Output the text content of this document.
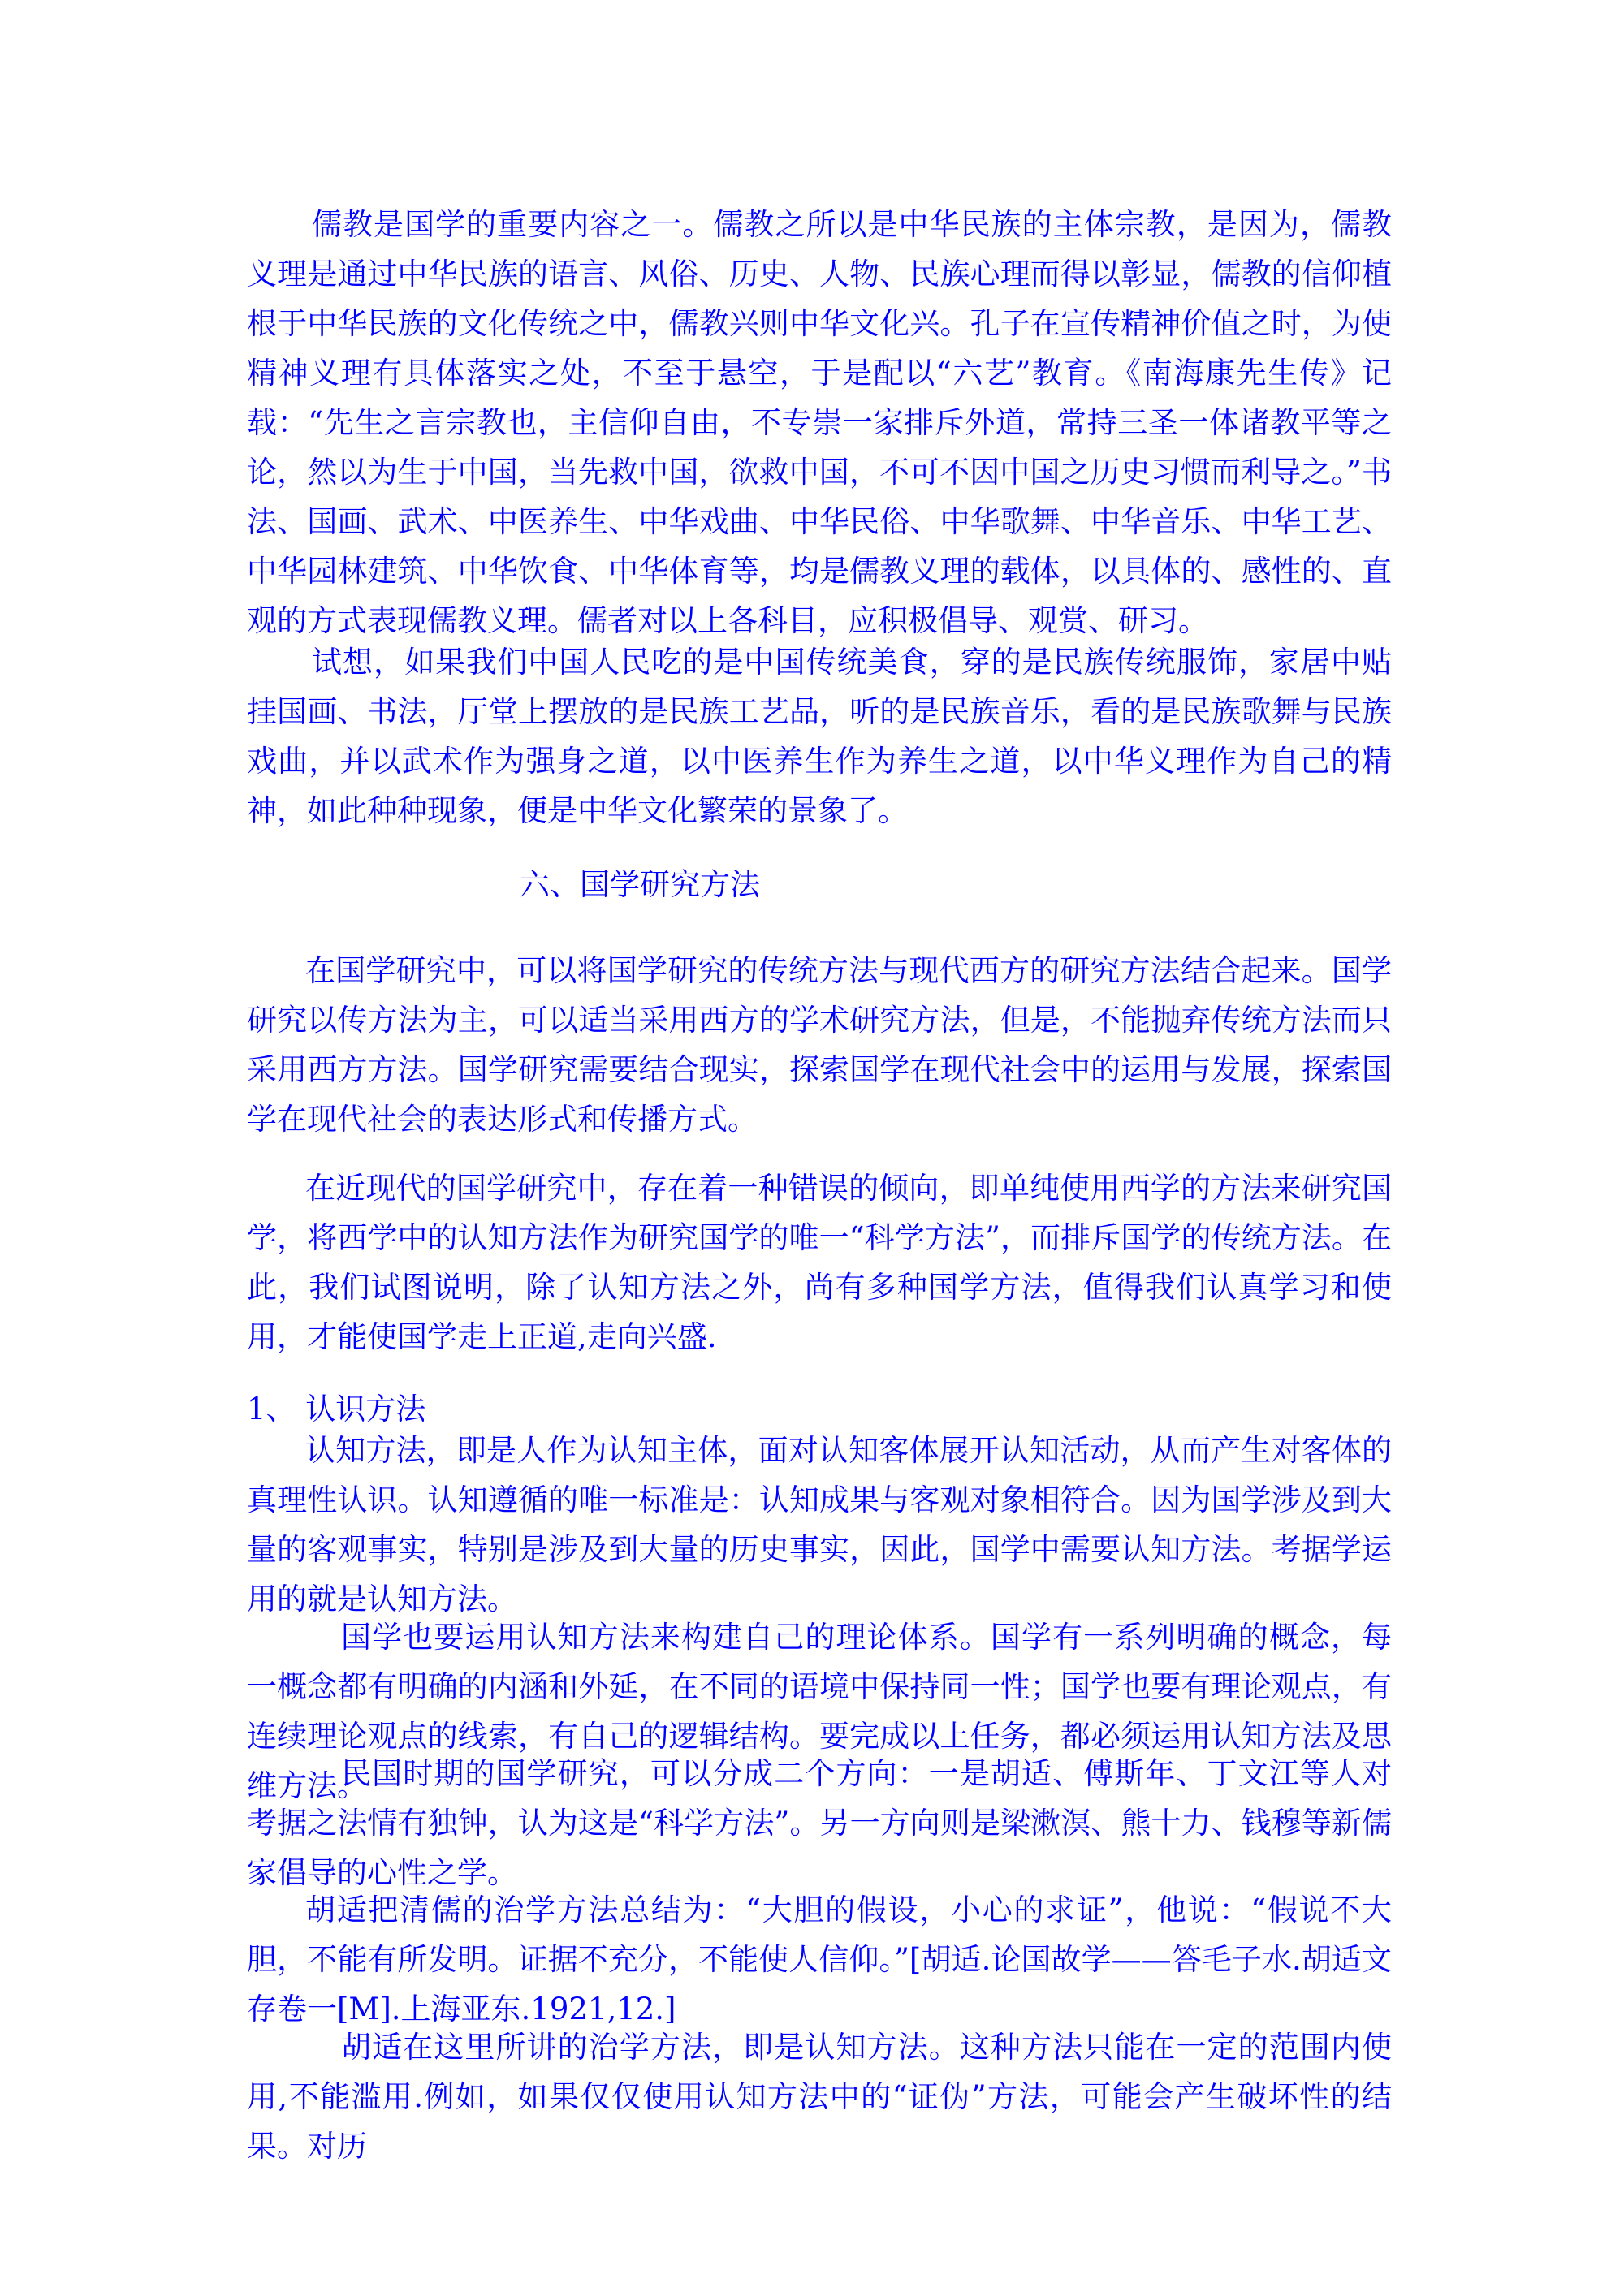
儒教是国学的重要内容之一。儒教之所以是中华民族的主体宗教，是因为，儒教义理是通过中华民族的语言、风俗、历史、人物、民族心理而得以彰显，儒教的信仰植根于中华民族的文化传统之中，儒教兴则中华文化兴。孔子在宣传精神价值之时，为使精神义理有具体落实之处，不至于悬空，于是配以“六艺”教育。《南海康先生传》记载：“先生之言宗教也，主信仰自由，不专崇一家排斥外道，常持三圣一体诸教平等之论，然以为生于中国，当先救中国，欲救中国，不可不因中国之历史习惯而利导之。”书法、国画、武术、中医养生、中华戏曲、中华民俗、中华歌舞、中华音乐、中华工艺、中华园林建筑、中华饮食、中华体育等，均是儒教义理的载体，以具体的、感性的、直观的方式表现儒教义理。儒者对以上各科目，应积极倡导、观赏、研习。

试想，如果我们中国人民吃的是中国传统美食，穿的是民族传统服饰，家居中贴挂国画、书法，厅堂上摆放的是民族工艺品，听的是民族音乐，看的是民族歌舞与民族戏曲，并以武术作为强身之道，以中医养生作为养生之道，以中华义理作为自己的精神，如此种种现象，便是中华文化繁荣的景象了。

六、国学研究方法

在国学研究中，可以将国学研究的传统方法与现代西方的研究方法结合起来。国学研究以传方法为主，可以适当采用西方的学术研究方法，但是，不能抛弃传统方法而只采用西方方法。国学研究需要结合现实，探索国学在现代社会中的运用与发展，探索国学在现代社会的表达形式和传播方式。

在近现代的国学研究中，存在着一种错误的倾向，即单纯使用西学的方法来研究国学，将西学中的认知方法作为研究国学的唯一“科学方法”，而排斥国学的传统方法。在此，我们试图说明，除了认知方法之外，尚有多种国学方法，值得我们认真学习和使用，才能使国学走上正道,走向兴盛.

1、 认识方法

认知方法，即是人作为认知主体，面对认知客体展开认知活动，从而产生对客体的真理性认识。认知遵循的唯一标准是：认知成果与客观对象相符合。因为国学涉及到大量的客观事实，特别是涉及到大量的历史事实，因此，国学中需要认知方法。考据学运用的就是认知方法。

国学也要运用认知方法来构建自己的理论体系。国学有一系列明确的概念，每一概念都有明确的内涵和外延，在不同的语境中保持同一性；国学也要有理论观点，有连续理论观点的线索，有自己的逻辑结构。要完成以上任务，都必须运用认知方法及思维方法。

民国时期的国学研究，可以分成二个方向：一是胡适、傅斯年、丁文江等人对考据之法情有独钟，认为这是“科学方法”。另一方向则是梁漱溟、熊十力、钱穆等新儒家倡导的心性之学。

胡适把清儒的治学方法总结为：“大胆的假设，小心的求证”，他说：“假说不大胆，不能有所发明。证据不充分，不能使人信仰。”[胡适.论国故学——答毛子水.胡适文存卷一[M].上海亚东.1921,12.]

胡适在这里所讲的治学方法，即是认知方法。这种方法只能在一定的范围内使用,不能滥用.例如，如果仅仅使用认知方法中的“证伪”方法，可能会产生破坏性的结果。对历
